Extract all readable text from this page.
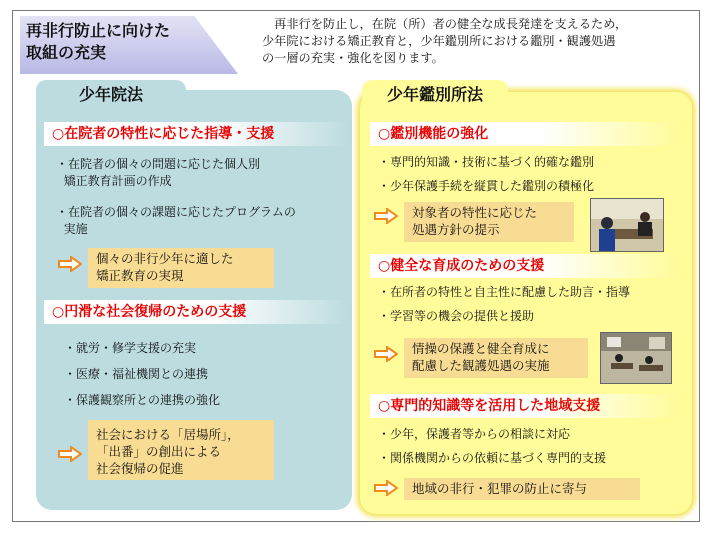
再非行防止に向けた
取組の充実
　再非行を防止し，在院（所）者の健全な成長発達を支えるため，
少年院における矯正教育と，少年鑑別所における鑑別・観護処遇
の一層の充実・強化を図ります。
少年院法
○在院者の特性に応じた指導・支援
・在院者の個々の問題に応じた個人別
矯正教育計画の作成
・在院者の個々の課題に応じたプログラムの
実施
個々の非行少年に適した
矯正教育の実現
○円滑な社会復帰のための支援
・就労・修学支援の充実
・医療・福祉機関との連携
・保護観察所との連携の強化
社会における「居場所」，
「出番」の創出による
社会復帰の促進
少年鑑別所法
○鑑別機能の強化
・専門的知識・技術に基づく的確な鑑別
・少年保護手続を縦貫した鑑別の積極化
対象者の特性に応じた
処遇方針の提示
○健全な育成のための支援
・在所者の特性と自主性に配慮した助言・指導
・学習等の機会の提供と援助
情操の保護と健全育成に
配慮した観護処遇の実施
○専門的知識等を活用した地域支援
・少年，保護者等からの相談に対応
・関係機関からの依頼に基づく専門的支援
地域の非行・犯罪の防止に寄与
